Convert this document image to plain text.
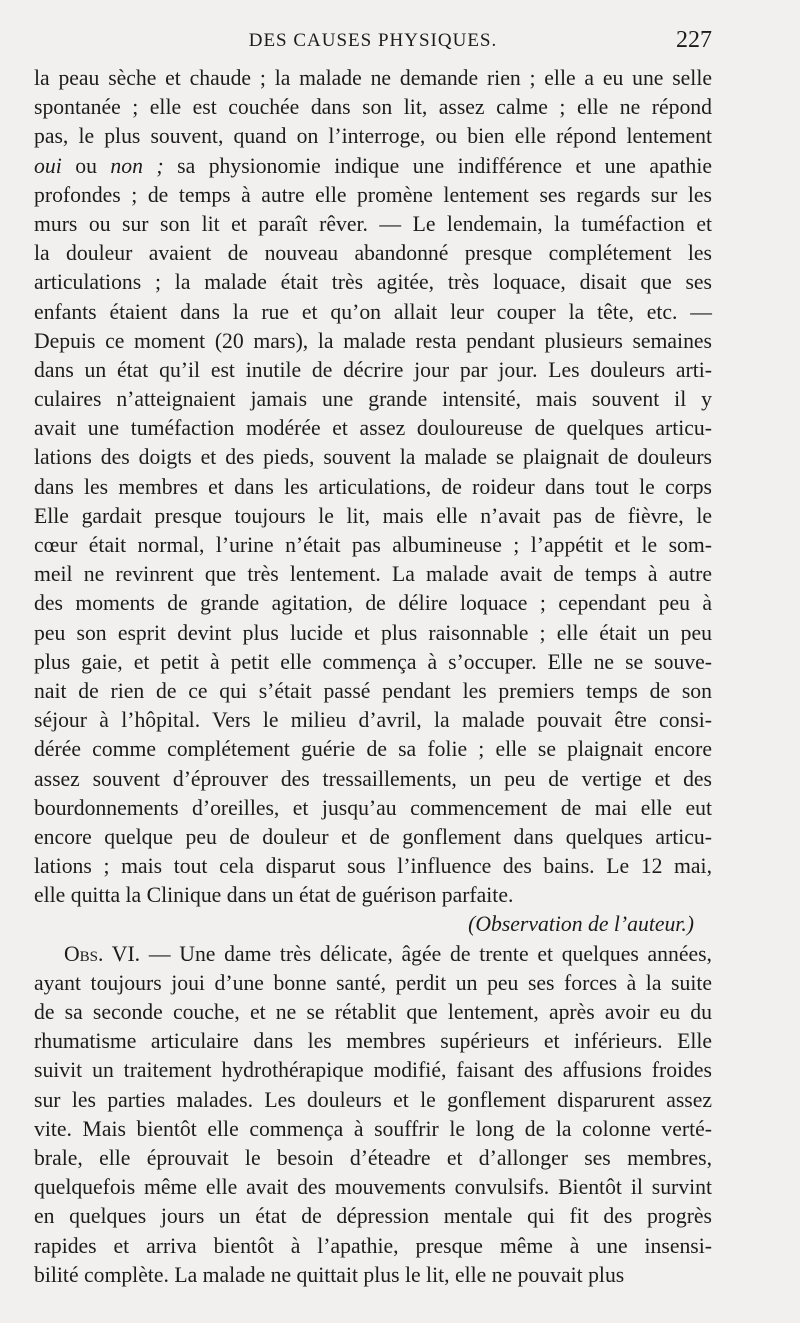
DES CAUSES PHYSIQUES.	227
la peau sèche et chaude ; la malade ne demande rien ; elle a eu une selle
spontanée ; elle est couchée dans son lit, assez calme ; elle ne répond
pas, le plus souvent, quand on l’interroge, ou bien elle répond lentement
oui ou non ; sa physionomie indique une indifférence et une apathie
profondes ; de temps à autre elle promène lentement ses regards sur les
murs ou sur son lit et paraît rêver. — Le lendemain, la tuméfaction et
la douleur avaient de nouveau abandonné presque complétement les
articulations ; la malade était très agitée, très loquace, disait que ses
enfants étaient dans la rue et qu’on allait leur couper la tête, etc. —
Depuis ce moment (20 mars), la malade resta pendant plusieurs semaines
dans un état qu’il est inutile de décrire jour par jour. Les douleurs arti-
culaires n’atteignaient jamais une grande intensité, mais souvent il y
avait une tuméfaction modérée et assez douloureuse de quelques articu-
lations des doigts et des pieds, souvent la malade se plaignait de douleurs
dans les membres et dans les articulations, de roideur dans tout le corps
Elle gardait presque toujours le lit, mais elle n’avait pas de fièvre, le
cœur était normal, l’urine n’était pas albumineuse ; l’appétit et le som-
meil ne revinrent que très lentement. La malade avait de temps à autre
des moments de grande agitation, de délire loquace ; cependant peu à
peu son esprit devint plus lucide et plus raisonnable ; elle était un peu
plus gaie, et petit à petit elle commença à s’occuper. Elle ne se souve-
nait de rien de ce qui s’était passé pendant les premiers temps de son
séjour à l’hôpital. Vers le milieu d’avril, la malade pouvait être consi-
dérée comme complétement guérie de sa folie ; elle se plaignait encore
assez souvent d’éprouver des tressaillements, un peu de vertige et des
bourdonnements d’oreilles, et jusqu’au commencement de mai elle eut
encore quelque peu de douleur et de gonflement dans quelques articu-
lations ; mais tout cela disparut sous l’influence des bains. Le 12 mai,
elle quitta la Clinique dans un état de guérison parfaite.
(Observation de l’auteur.)
Obs. VI. — Une dame très délicate, âgée de trente et quelques années,
ayant toujours joui d’une bonne santé, perdit un peu ses forces à la suite
de sa seconde couche, et ne se rétablit que lentement, après avoir eu du
rhumatisme articulaire dans les membres supérieurs et inférieurs. Elle
suivit un traitement hydrothérapique modifié, faisant des affusions froides
sur les parties malades. Les douleurs et le gonflement disparurent assez
vite. Mais bientôt elle commença à souffrir le long de la colonne verté-
brale, elle éprouvait le besoin d’éteadre et d’allonger ses membres,
quelquefois même elle avait des mouvements convulsifs. Bientôt il survint
en quelques jours un état de dépression mentale qui fit des progrès
rapides et arriva bientôt à l’apathie, presque même à une insensi-
bilité complète. La malade ne quittait plus le lit, elle ne pouvait plus
